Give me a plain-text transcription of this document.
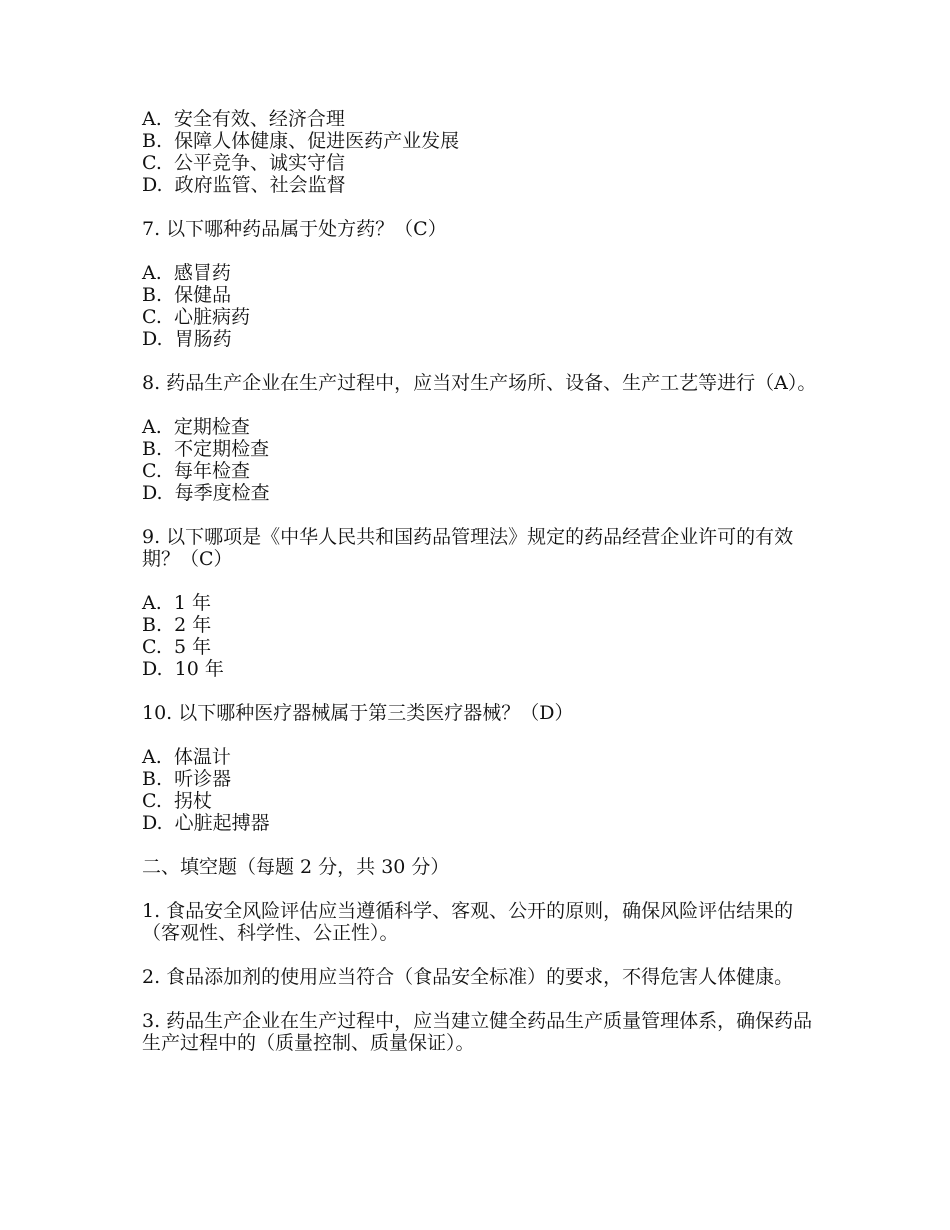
A.  安全有效、经济合理
B.  保障人体健康、促进医药产业发展
C.  公平竞争、诚实守信
D.  政府监管、社会监督
7. 以下哪种药品属于处方药？（C）
A.  感冒药
B.  保健品
C.  心脏病药
D.  胃肠药
8. 药品生产企业在生产过程中，应当对生产场所、设备、生产工艺等进行（A）。
A.  定期检查
B.  不定期检查
C.  每年检查
D.  每季度检查
9. 以下哪项是《中华人民共和国药品管理法》规定的药品经营企业许可的有效期？（C）
A.  1 年
B.  2 年
C.  5 年
D.  10 年
10. 以下哪种医疗器械属于第三类医疗器械？（D）
A.  体温计
B.  听诊器
C.  拐杖
D.  心脏起搏器
二、填空题（每题 2 分，共 30 分）
1. 食品安全风险评估应当遵循科学、客观、公开的原则，确保风险评估结果的（客观性、科学性、公正性）。
2. 食品添加剂的使用应当符合（食品安全标准）的要求，不得危害人体健康。
3. 药品生产企业在生产过程中，应当建立健全药品生产质量管理体系，确保药品生产过程中的（质量控制、质量保证）。
